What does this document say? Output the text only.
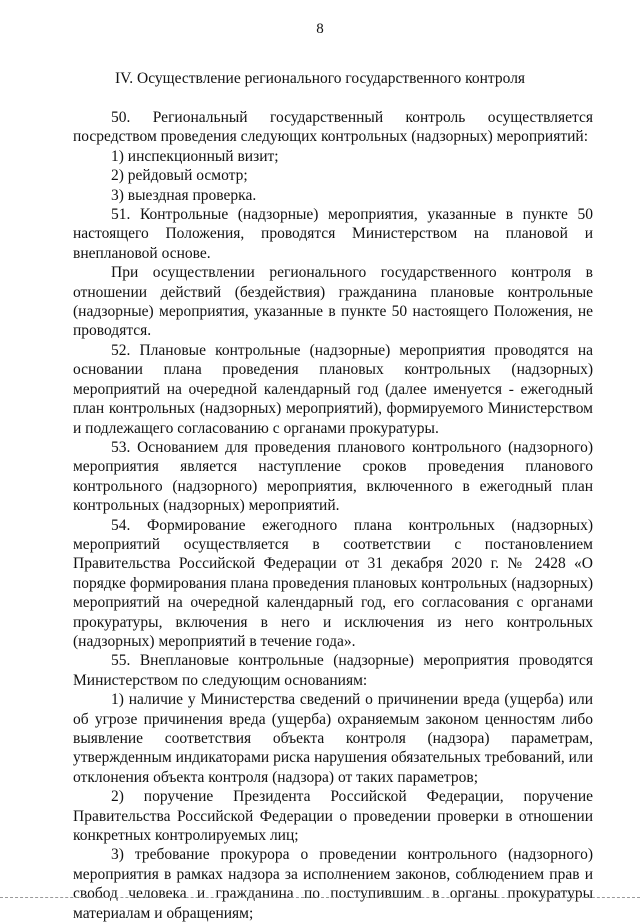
8
IV. Осуществление регионального государственного контроля

50. Региональный государственный контроль осуществляется посредством проведения следующих контрольных (надзорных) мероприятий:

1) инспекционный визит;

2) рейдовый осмотр;

3) выездная проверка.

51. Контрольные (надзорные) мероприятия, указанные в пункте 50 настоящего Положения, проводятся Министерством на плановой и внеплановой основе.

При осуществлении регионального государственного контроля в отношении действий (бездействия) гражданина плановые контрольные (надзорные) мероприятия, указанные в пункте 50 настоящего Положения, не проводятся.

52. Плановые контрольные (надзорные) мероприятия проводятся на основании плана проведения плановых контрольных (надзорных) мероприятий на очередной календарный год (далее именуется - ежегодный план контрольных (надзорных) мероприятий), формируемого Министерством и подлежащего согласованию с органами прокуратуры.

53. Основанием для проведения планового контрольного (надзорного) мероприятия является наступление сроков проведения планового контрольного (надзорного) мероприятия, включенного в ежегодный план контрольных (надзорных) мероприятий.

54. Формирование ежегодного плана контрольных (надзорных) мероприятий осуществляется в соответствии с постановлением Правительства Российской Федерации от 31 декабря 2020 г. № 2428 «О порядке формирования плана проведения плановых контрольных (надзорных) мероприятий на очередной календарный год, его согласования с органами прокуратуры, включения в него и исключения из него контрольных (надзорных) мероприятий в течение года».

55. Внеплановые контрольные (надзорные) мероприятия проводятся Министерством по следующим основаниям:

1) наличие у Министерства сведений о причинении вреда (ущерба) или об угрозе причинения вреда (ущерба) охраняемым законом ценностям либо выявление соответствия объекта контроля (надзора) параметрам, утвержденным индикаторами риска нарушения обязательных требований, или отклонения объекта контроля (надзора) от таких параметров;

2) поручение Президента Российской Федерации, поручение Правительства Российской Федерации о проведении проверки в отношении конкретных контролируемых лиц;

3) требование прокурора о проведении контрольного (надзорного) мероприятия в рамках надзора за исполнением законов, соблюдением прав и свобод человека и гражданина по поступившим в органы прокуратуры материалам и обращениям;
